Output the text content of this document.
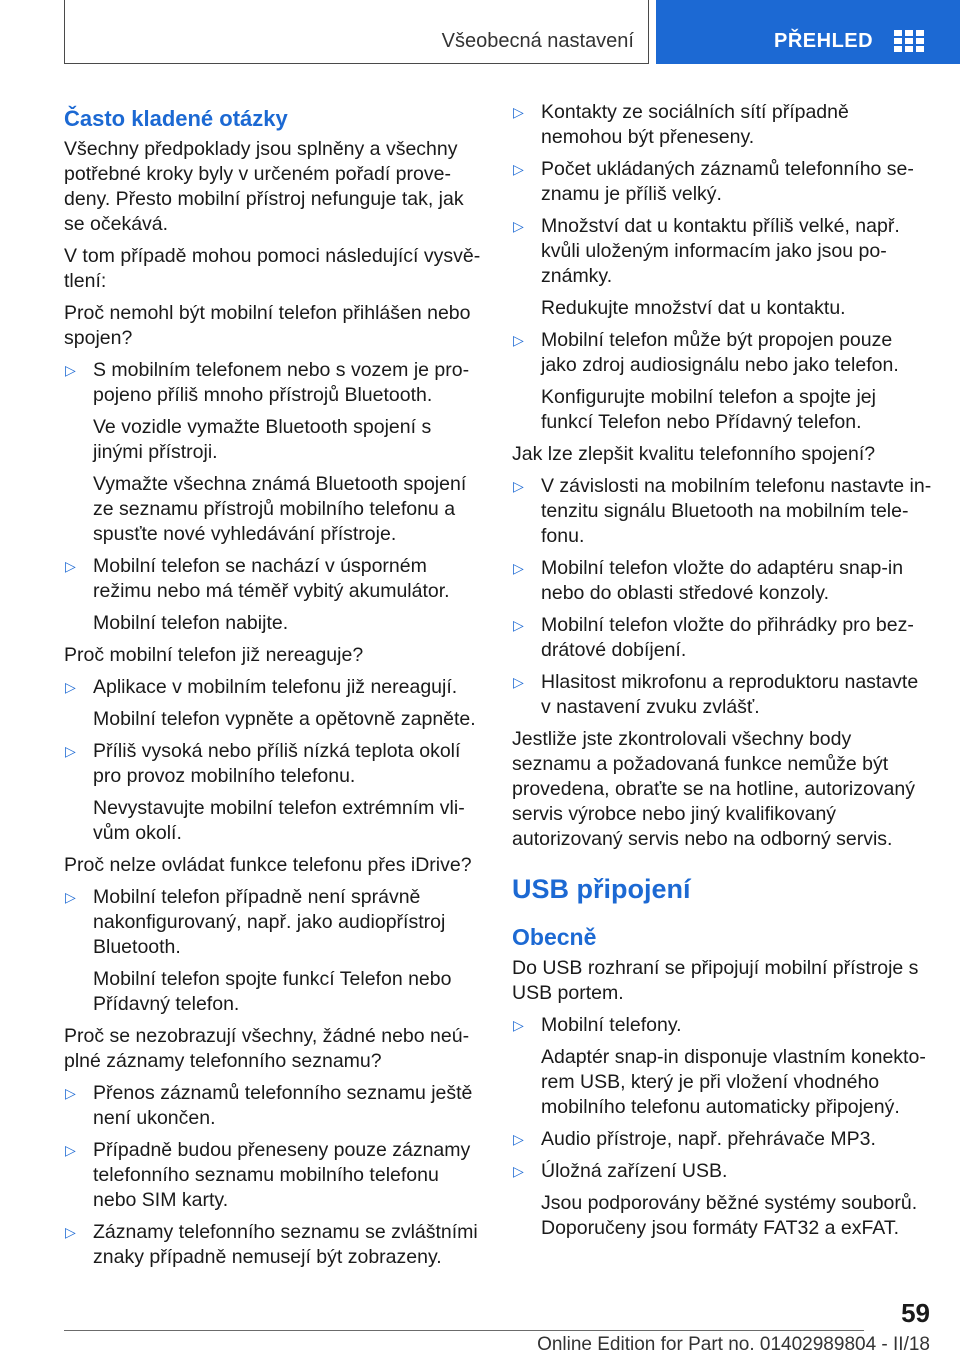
Všeobecná nastavení	PŘEHLED
Často kladené otázky
Všechny předpoklady jsou splněny a všechny potřebné kroky byly v určeném pořadí provedeny. Přesto mobilní přístroj nefunguje tak, jak se očekává.
V tom případě mohou pomoci následující vysvětlení:
Proč nemohl být mobilní telefon přihlášen nebo spojen?
▷ S mobilním telefonem nebo s vozem je propojeno příliš mnoho přístrojů Bluetooth.
Ve vozidle vymažte Bluetooth spojení s jinými přístroji.
Vymažte všechna známá Bluetooth spojení ze seznamu přístrojů mobilního telefonu a spusťte nové vyhledávání přístroje.
▷ Mobilní telefon se nachází v úsporném režimu nebo má téměř vybitý akumulátor.
Mobilní telefon nabijte.
Proč mobilní telefon již nereaguje?
▷ Aplikace v mobilním telefonu již nereagují.
Mobilní telefon vypněte a opětovně zapněte.
▷ Příliš vysoká nebo příliš nízká teplota okolí pro provoz mobilního telefonu.
Nevystavujte mobilní telefon extrémním vlivům okolí.
Proč nelze ovládat funkce telefonu přes iDrive?
▷ Mobilní telefon případně není správně nakonfigurovaný, např. jako audiopřístroj Bluetooth.
Mobilní telefon spojte funkcí Telefon nebo Přídavný telefon.
Proč se nezobrazují všechny, žádné nebo neúplné záznamy telefonního seznamu?
▷ Přenos záznamů telefonního seznamu ještě není ukončen.
▷ Případně budou přeneseny pouze záznamy telefonního seznamu mobilního telefonu nebo SIM karty.
▷ Záznamy telefonního seznamu se zvláštními znaky případně nemusejí být zobrazeny.
▷ Kontakty ze sociálních sítí případně nemohou být přeneseny.
▷ Počet ukládaných záznamů telefonního seznamu je příliš velký.
▷ Množství dat u kontaktu příliš velké, např. kvůli uloženým informacím jako jsou poznámky.
Redukujte množství dat u kontaktu.
▷ Mobilní telefon může být propojen pouze jako zdroj audiosignálu nebo jako telefon.
Konfigurujte mobilní telefon a spojte jej funkcí Telefon nebo Přídavný telefon.
Jak lze zlepšit kvalitu telefonního spojení?
▷ V závislosti na mobilním telefonu nastavte intenzitu signálu Bluetooth na mobilním telefonu.
▷ Mobilní telefon vložte do adaptéru snap-in nebo do oblasti středové konzoly.
▷ Mobilní telefon vložte do přihrádky pro bezdrátové dobíjení.
▷ Hlasitost mikrofonu a reproduktoru nastavte v nastavení zvuku zvlášť.
Jestliže jste zkontrolovali všechny body seznamu a požadovaná funkce nemůže být provedena, obraťte se na hotline, autorizovaný servis výrobce nebo jiný kvalifikovaný autorizovaný servis nebo na odborný servis.
USB připojení
Obecně
Do USB rozhraní se připojují mobilní přístroje s USB portem.
▷ Mobilní telefony.
Adaptér snap-in disponuje vlastním konektorem USB, který je při vložení vhodného mobilního telefonu automaticky připojený.
▷ Audio přístroje, např. přehrávače MP3.
▷ Úložná zařízení USB.
Jsou podporovány běžné systémy souborů. Doporučeny jsou formáty FAT32 a exFAT.
59
Online Edition for Part no. 01402989804 - II/18
